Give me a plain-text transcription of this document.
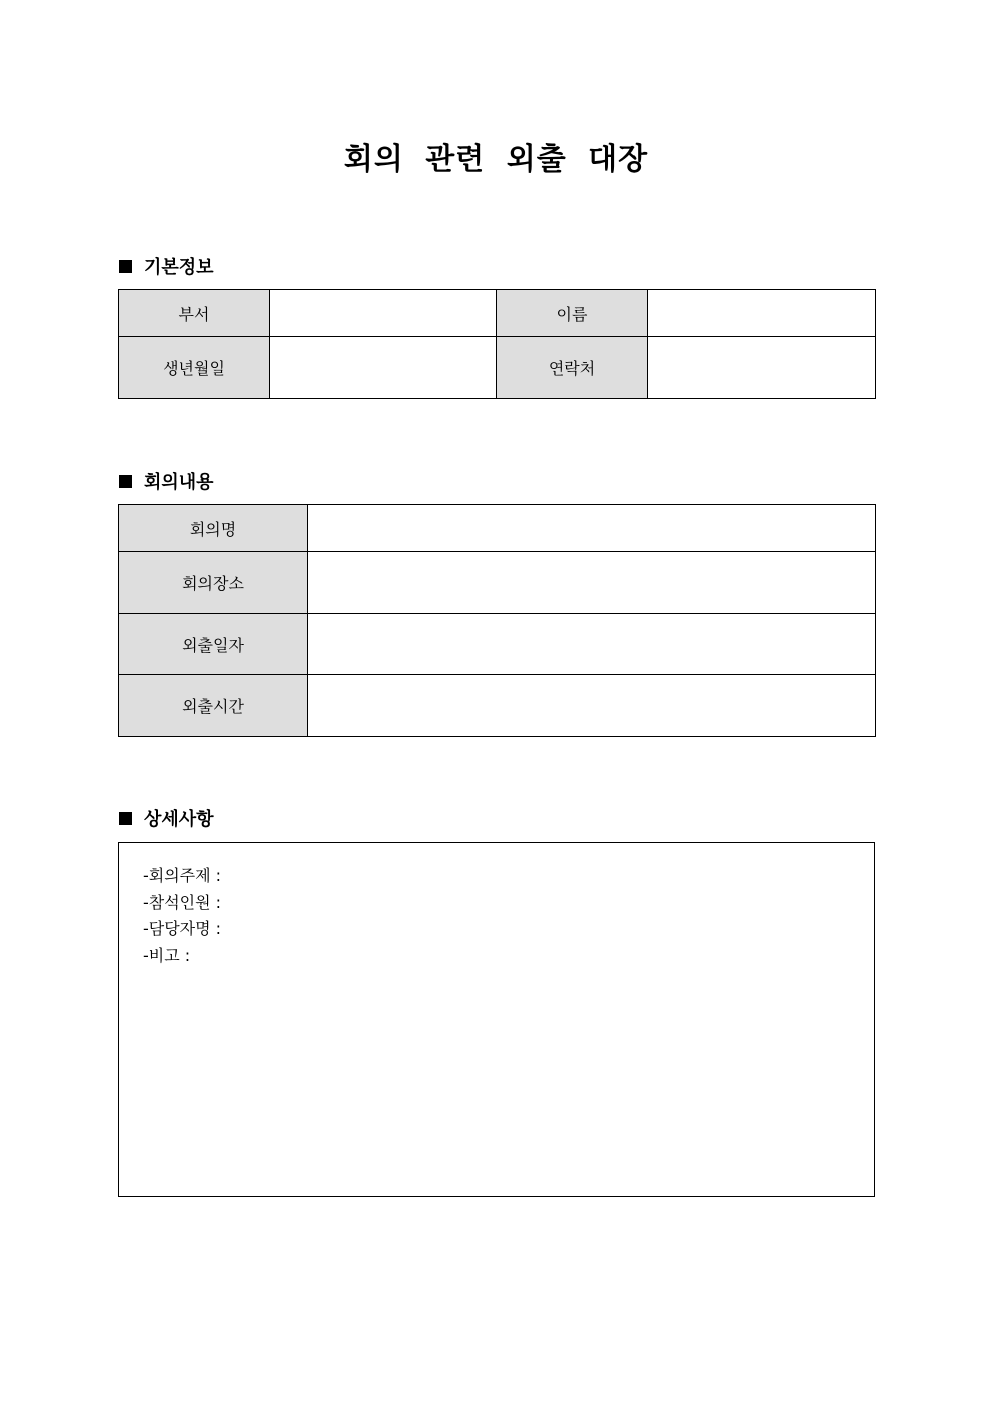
회의 관련 외출 대장
기본정보
부서		이름	
생년월일		연락처	
회의내용
회의명	
회의장소	
외출일자	
외출시간	
상세사항
-회의주제 :
-참석인원 :
-담당자명 :
-비고 :
